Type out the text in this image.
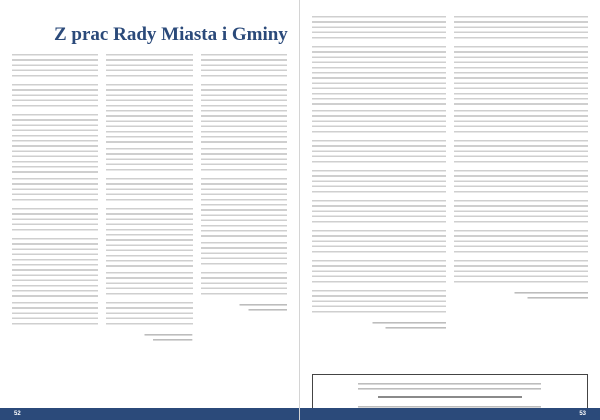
Z prac Rady Miasta i Gminy

52	53
